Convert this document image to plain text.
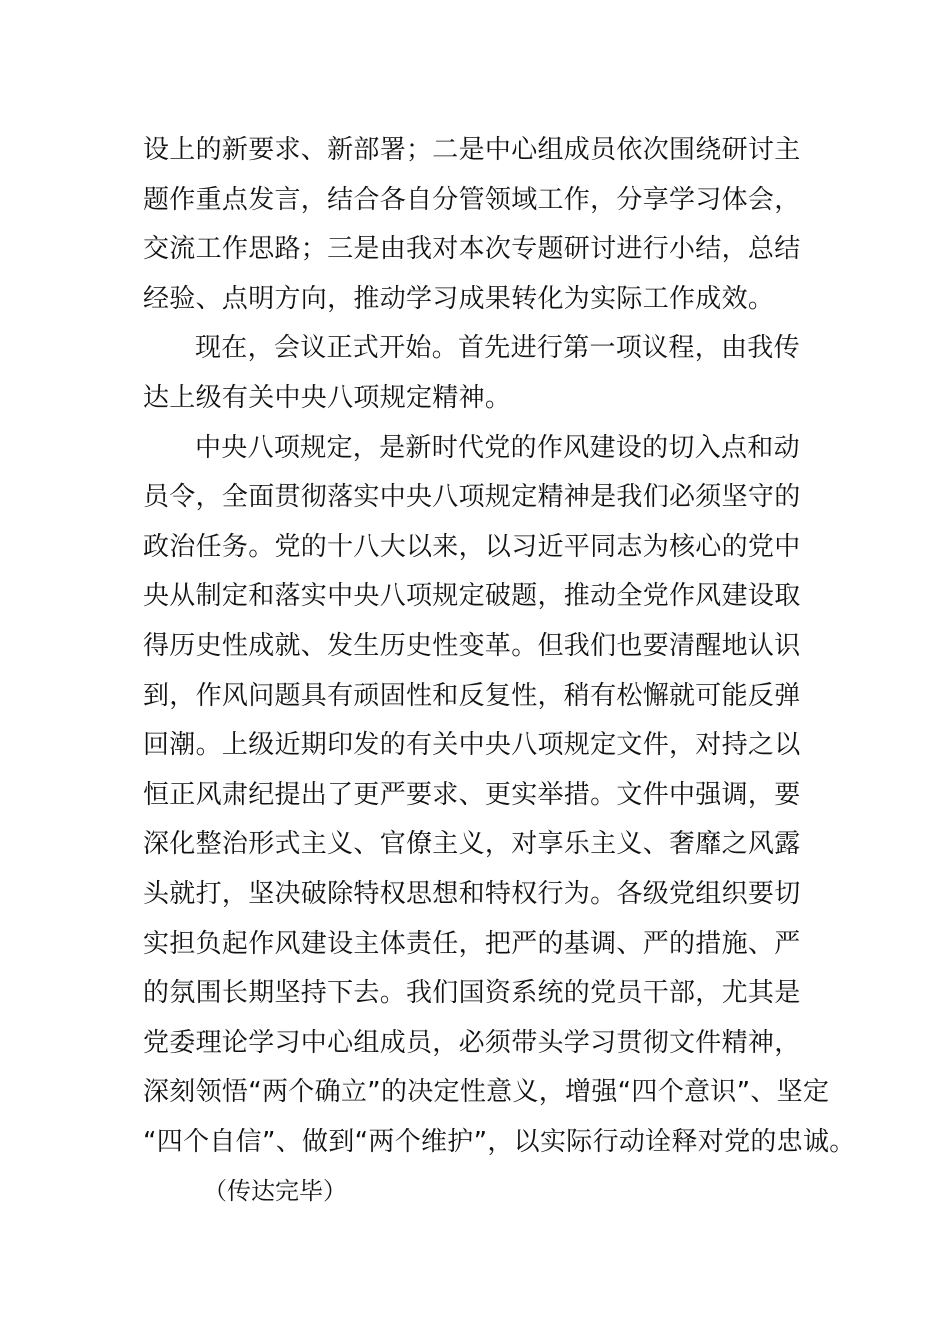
设上的新要求、新部署；二是中心组成员依次围绕研讨主
题作重点发言，结合各自分管领域工作，分享学习体会，
交流工作思路；三是由我对本次专题研讨进行小结，总结
经验、点明方向，推动学习成果转化为实际工作成效。
现在，会议正式开始。首先进行第一项议程，由我传
达上级有关中央八项规定精神。
中央八项规定，是新时代党的作风建设的切入点和动
员令，全面贯彻落实中央八项规定精神是我们必须坚守的
政治任务。党的十八大以来，以习近平同志为核心的党中
央从制定和落实中央八项规定破题，推动全党作风建设取
得历史性成就、发生历史性变革。但我们也要清醒地认识
到，作风问题具有顽固性和反复性，稍有松懈就可能反弹
回潮。上级近期印发的有关中央八项规定文件，对持之以
恒正风肃纪提出了更严要求、更实举措。文件中强调，要
深化整治形式主义、官僚主义，对享乐主义、奢靡之风露
头就打，坚决破除特权思想和特权行为。各级党组织要切
实担负起作风建设主体责任，把严的基调、严的措施、严
的氛围长期坚持下去。我们国资系统的党员干部，尤其是
党委理论学习中心组成员，必须带头学习贯彻文件精神，
深刻领悟“两个确立”的决定性意义，增强“四个意识”、坚定
“四个自信”、做到“两个维护”，以实际行动诠释对党的忠诚。
（传达完毕）
